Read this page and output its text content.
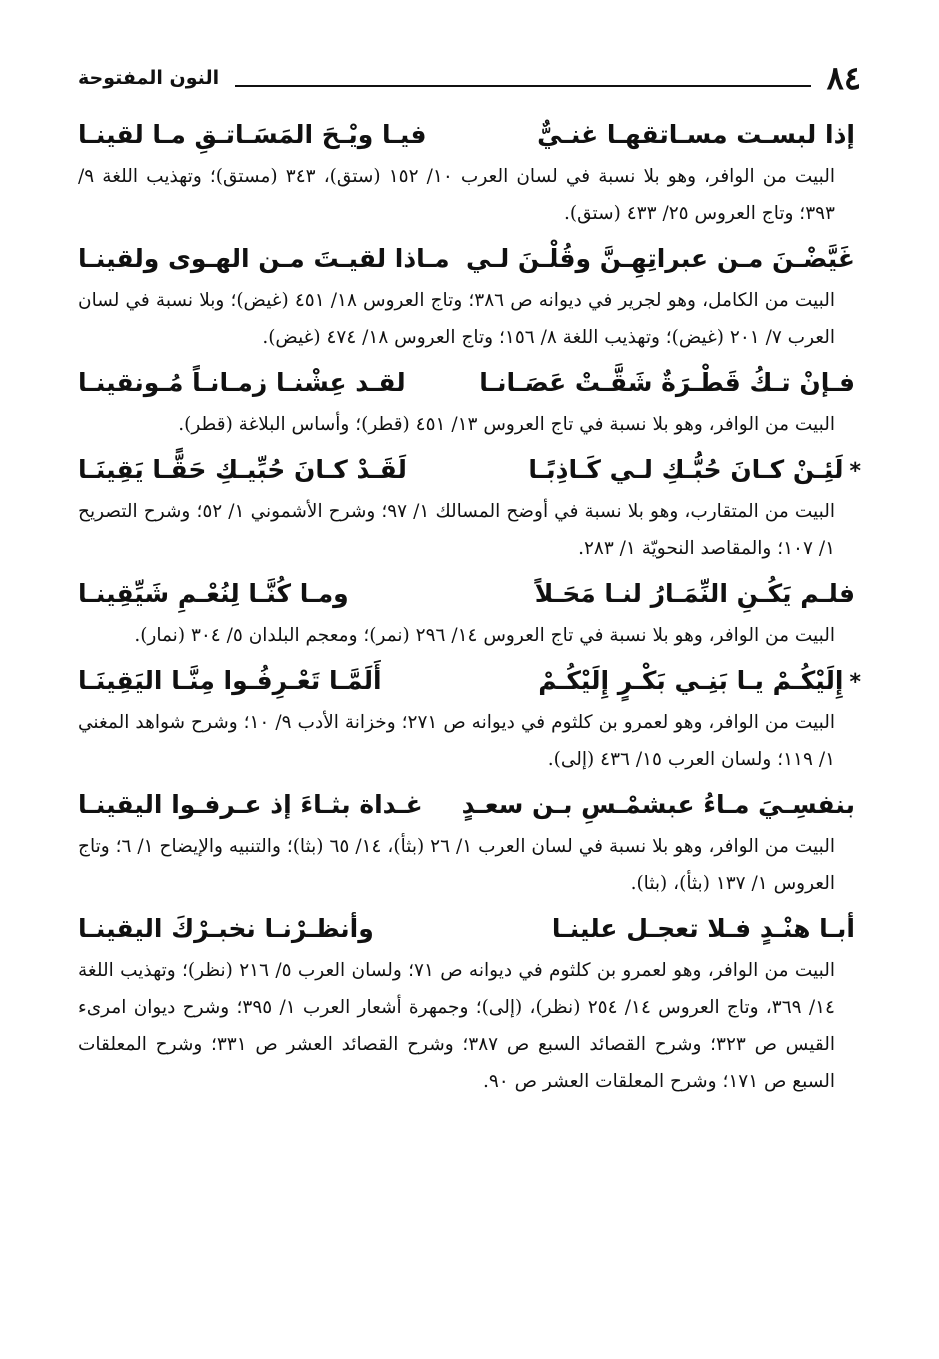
٨٤
النون المفتوحة
إذا لبسـت مسـاتقهـا غنـيٌّ
فيـا ويْـحَ المَسَـاتـقِ مـا لقينـا

البيت من الوافر، وهو بلا نسبة في لسان العرب ١٠/ ١٥٢ (ستق)، ٣٤٣ (مستق)؛ وتهذيب اللغة ٩/ ٣٩٣؛ وتاج العروس ٢٥/ ٤٣٣ (ستق).

غَيَّضْـنَ مـن عبراتِهِـنَّ وقُلْـنَ لـي
مـاذا لقيـتَ مـن الهـوى ولقينـا

البيت من الكامل، وهو لجرير في ديوانه ص ٣٨٦؛ وتاج العروس ١٨/ ٤٥١ (غيض)؛ وبلا نسبة في لسان العرب ٧/ ٢٠١ (غيض)؛ وتهذيب اللغة ٨/ ١٥٦؛ وتاج العروس ١٨/ ٤٧٤ (غيض).

فـإنْ تـكُ قَطْـرَةٌ شَقَّـتْ عَصَـانـا
لقـد عِشْنـا زمـانـاً مُـونقينـا

البيت من الوافر، وهو بلا نسبة في تاج العروس ١٣/ ٤٥١ (قطر)؛ وأساس البلاغة (قطر).

*لَئِـنْ كـانَ حُبُّـكِ لـي كَـاذِبًـا
لَقَـدْ كـانَ حُبِّيـكِ حَقًّـا يَقِينَـا

البيت من المتقارب، وهو بلا نسبة في أوضح المسالك ١/ ٩٧؛ وشرح الأشموني ١/ ٥٢؛ وشرح التصريح ١/ ١٠٧؛ والمقاصد النحويّة ١/ ٢٨٣.

فلـم يَكُـنِ النِّمَـارُ لنـا مَحَـلاً
ومـا كُنَّـا لِنُعْـمِ شَيِّقِينـا

البيت من الوافر، وهو بلا نسبة في تاج العروس ١٤/ ٢٩٦ (نمر)؛ ومعجم البلدان ٥/ ٣٠٤ (نمار).

*إِلَيْكُـمْ يـا بَنِـي بَكْـرٍ إِلَيْكُـمْ
أَلَمَّـا تَعْـرِفُـوا مِنَّـا اليَقِينَـا

البيت من الوافر، وهو لعمرو بن كلثوم في ديوانه ص ٢٧١؛ وخزانة الأدب ٩/ ١٠؛ وشرح شواهد المغني ١/ ١١٩؛ ولسان العرب ١٥/ ٤٣٦ (إلى).

بنفسِـيَ مـاءُ عبشمْـسِ بـن سعـدٍ
غـداة بثـاءَ إذ عـرفـوا اليقينـا

البيت من الوافر، وهو بلا نسبة في لسان العرب ١/ ٢٦ (بثأ)، ١٤/ ٦٥ (بثا)؛ والتنبيه والإيضاح ١/ ٦؛ وتاج العروس ١/ ١٣٧ (بثأ)، (بثا).

أبـا هنْـدٍ فـلا تعجـل علينـا
وأنظـرْنـا نخبـرْكَ اليقينـا

البيت من الوافر، وهو لعمرو بن كلثوم في ديوانه ص ٧١؛ ولسان العرب ٥/ ٢١٦ (نظر)؛ وتهذيب اللغة ١٤/ ٣٦٩، وتاج العروس ١٤/ ٢٥٤ (نظر)، (إلى)؛ وجمهرة أشعار العرب ١/ ٣٩٥؛ وشرح ديوان امرىء القيس ص ٣٢٣؛ وشرح القصائد السبع ص ٣٨٧؛ وشرح القصائد العشر ص ٣٣١؛ وشرح المعلقات السبع ص ١٧١؛ وشرح المعلقات العشر ص ٩٠.
